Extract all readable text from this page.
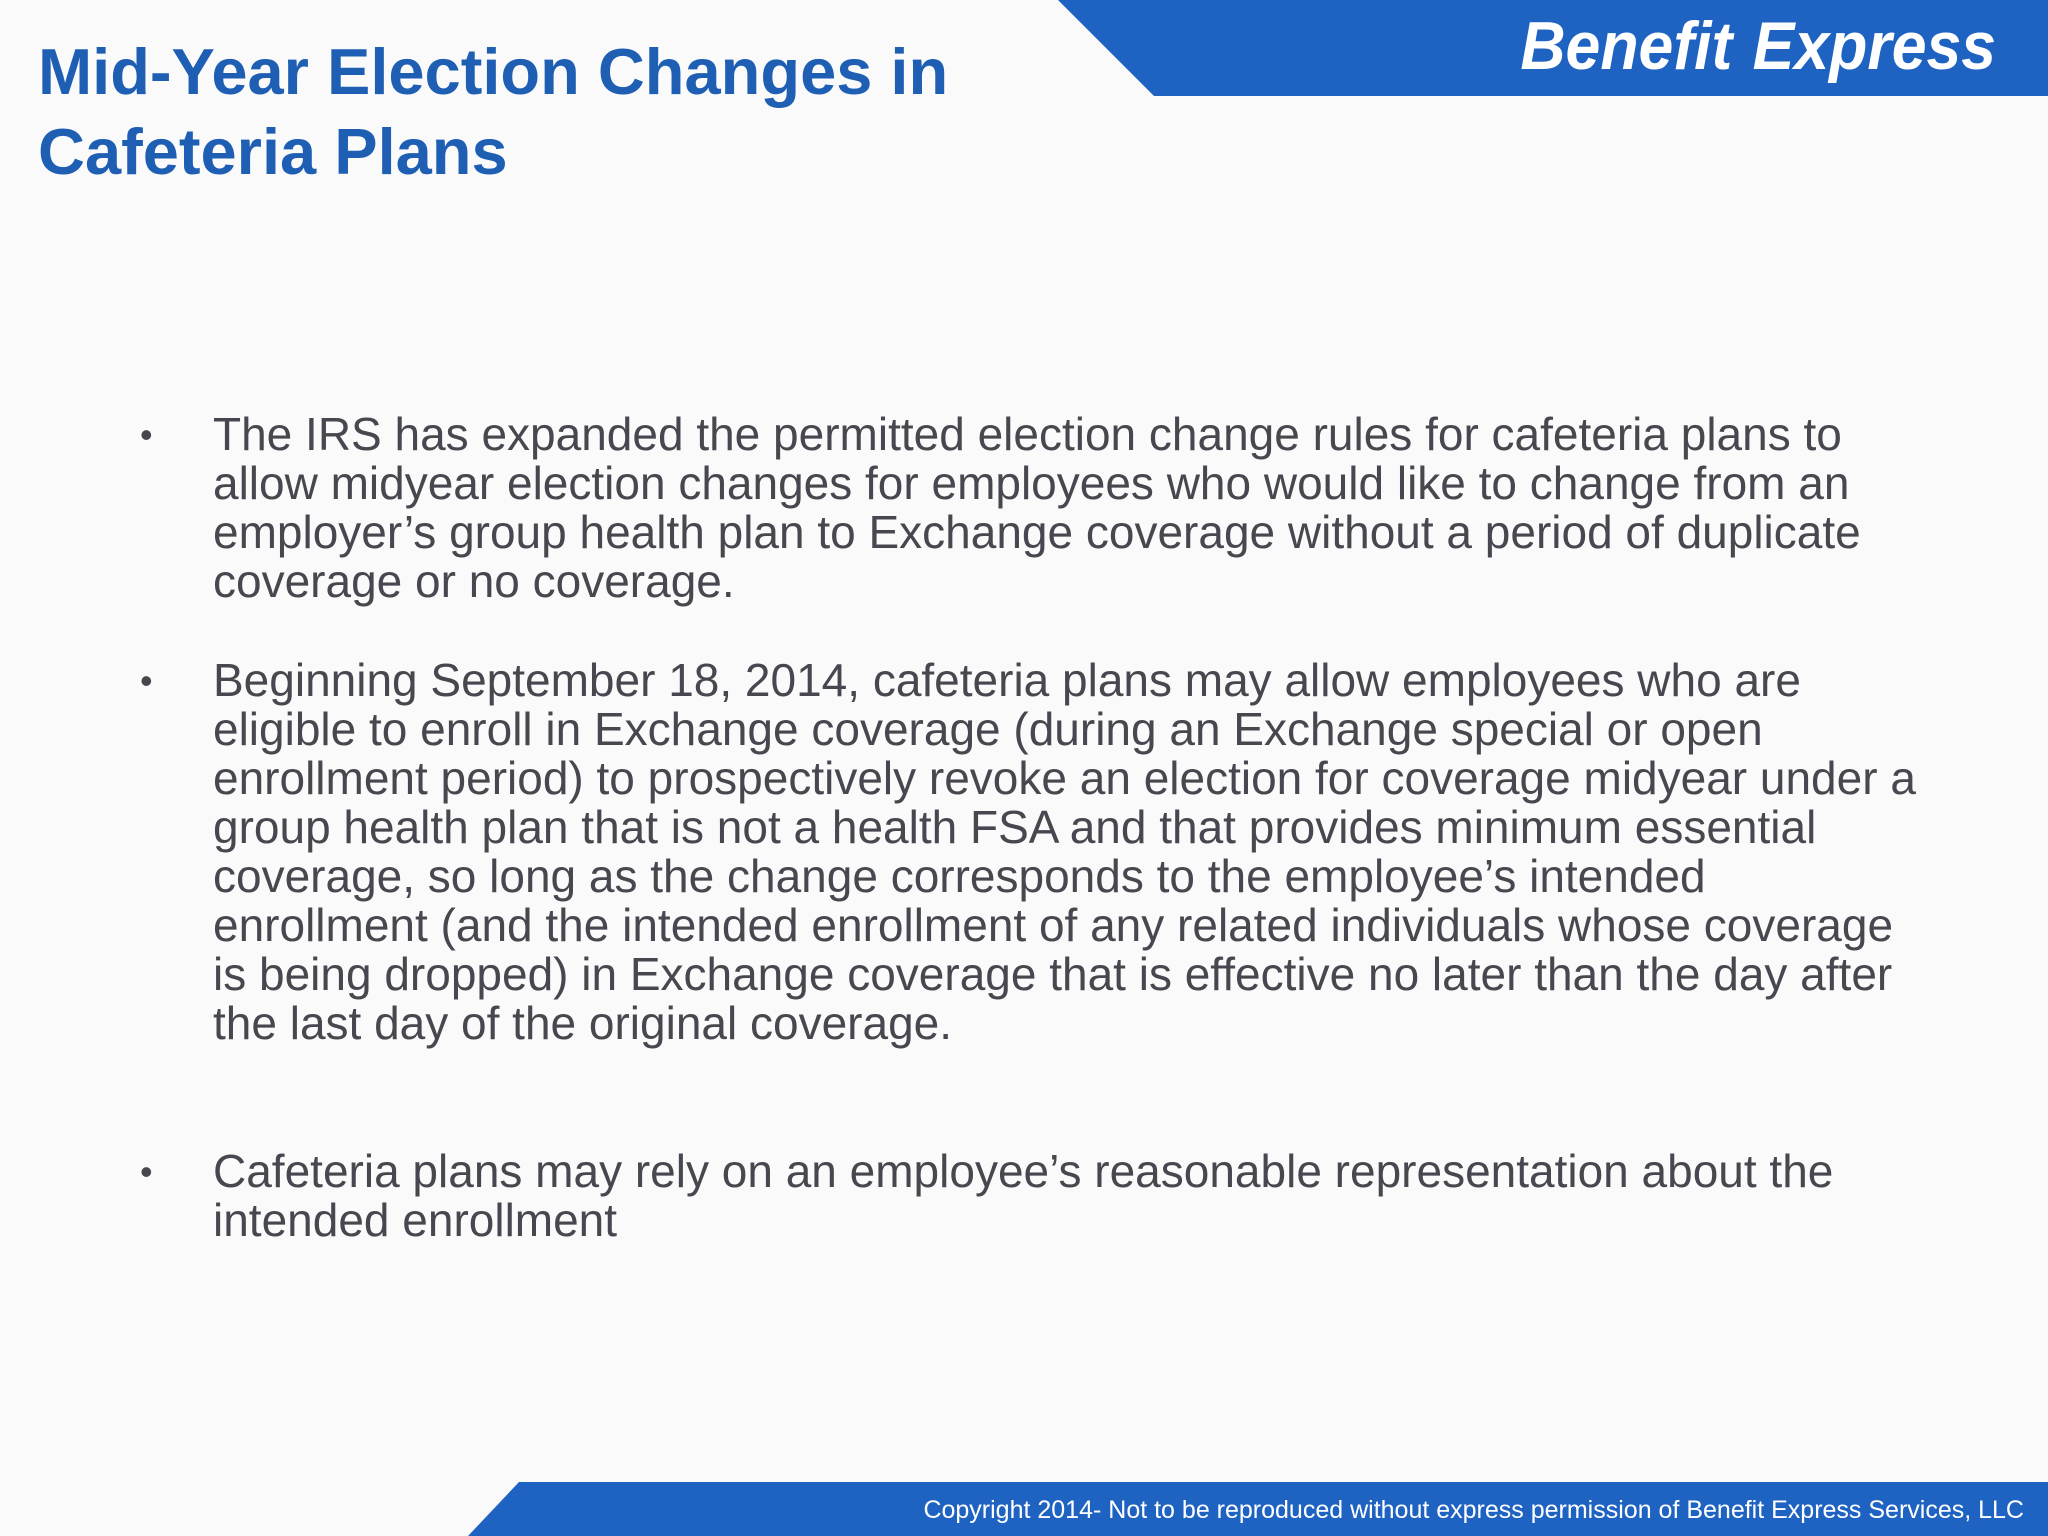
Benefit Express
Mid-Year Election Changes in Cafeteria Plans
•	The IRS has expanded the permitted election change rules for cafeteria plans to allow midyear election changes for employees who would like to change from an employer’s group health plan to Exchange coverage without a period of duplicate coverage or no coverage.
•	Beginning September 18, 2014, cafeteria plans may allow employees who are eligible to enroll in Exchange coverage (during an Exchange special or open enrollment period) to prospectively revoke an election for coverage midyear under a group health plan that is not a health FSA and that provides minimum essential coverage, so long as the change corresponds to the employee’s intended enrollment (and the intended enrollment of any related individuals whose coverage is being dropped) in Exchange coverage that is effective no later than the day after the last day of the original coverage.
•	Cafeteria plans may rely on an employee’s reasonable representation about the intended enrollment
Copyright 2014- Not to be reproduced without express permission of Benefit Express Services, LLC
